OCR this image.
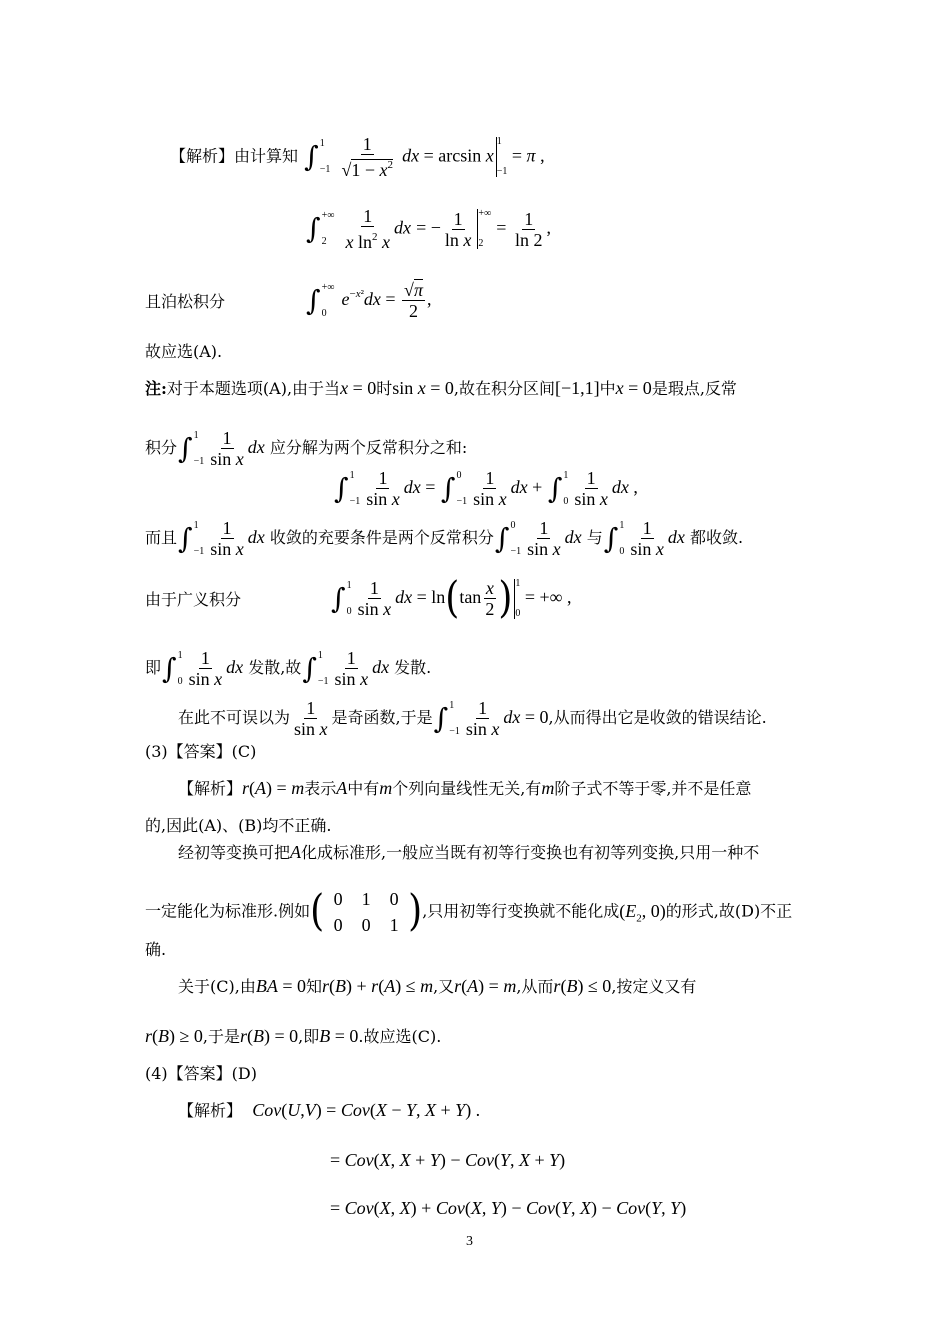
【解析】由计算知 ∫ 1
−1
$\frac{1}{√1 - x^2}$ dx = arcsin x
1
−1
= π ,
∫ +∞
2
$\frac{1}{x \ln^2 x}$ dx = − $\frac{1}{\text{ln x}}$ +∞
2
= $\frac{1}{\ln 2}$ ,
且泊松积分	∫ +∞
0
$e^{-x^2}dx = \frac{√\pi}{2}$ ,
故应选(A).
注:对于本题选项(A),由于当x = 0时sin x = 0,故在积分区间[−1,1]中x = 0是瑕点,反常
积分∫ 1
$-1 \frac{1}{\text{sin x}}$ dx 应分解为两个反常积分之和:
∫ 1
$-1 \frac{1}{\text{sin x}}$ dx = ∫ 0
$-1 \frac{1}{\text{sin x}}$ dx + ∫ 1
$0 \frac{1}{\text{sin x}}$ dx ,
而且∫ 1
$-1 \frac{1}{\text{sin x}}$ dx 收敛的充要条件是两个反常积分∫ 0
$-1 \frac{1}{\text{sin x}}$ dx 与∫ 1
$0 \frac{1}{\text{sin x}}$ dx 都收敛.
由于广义积分	∫ 1
$0 \frac{1}{\text{sin x}}$ dx = $\ln(\tan \frac{x}{2}$ ) 1
0
= +∞ ,
即∫ 1
$0 \frac{1}{\text{sin x}}$ dx 发散,故∫ 1
$-1 \frac{1}{\text{sin x}}$ dx 发散.
在此不可误以为 $\frac{1}{\text{sin x}}$ 是奇函数,于是∫ 1
$-1 \frac{1}{\text{sin x}}$ dx = 0,从而得出它是收敛的错误结论.
(3)【答案】(C)
【解析】r(A) = m表示A中有m个列向量线性无关,有m阶子式不等于零,并不是任意
的,因此(A)、(B)均不正确.
经初等变换可把A化成标准形,一般应当既有初等行变换也有初等列变换,只用一种不
一定能化为标准形.例如( 0	1	0
0	0	1 ),只用初等行变换就不能化成($E_2$, 0)的形式,故(D)不正
确.
关于(C),由BA = 0知r(B) + r(A) ≤ m,又r(A) = m,从而r(B) ≤ 0,按定义又有
r(B) ≥ 0,于是r(B) = 0,即B = 0.故应选(C).
(4)【答案】(D)
【解析】 Cov(U,V) = Cov(X − Y, X + Y) .
= Cov(X, X + Y) − Cov(Y, X + Y)
= Cov(X, X) + Cov(X, Y) − Cov(Y, X) − Cov(Y, Y)
3
